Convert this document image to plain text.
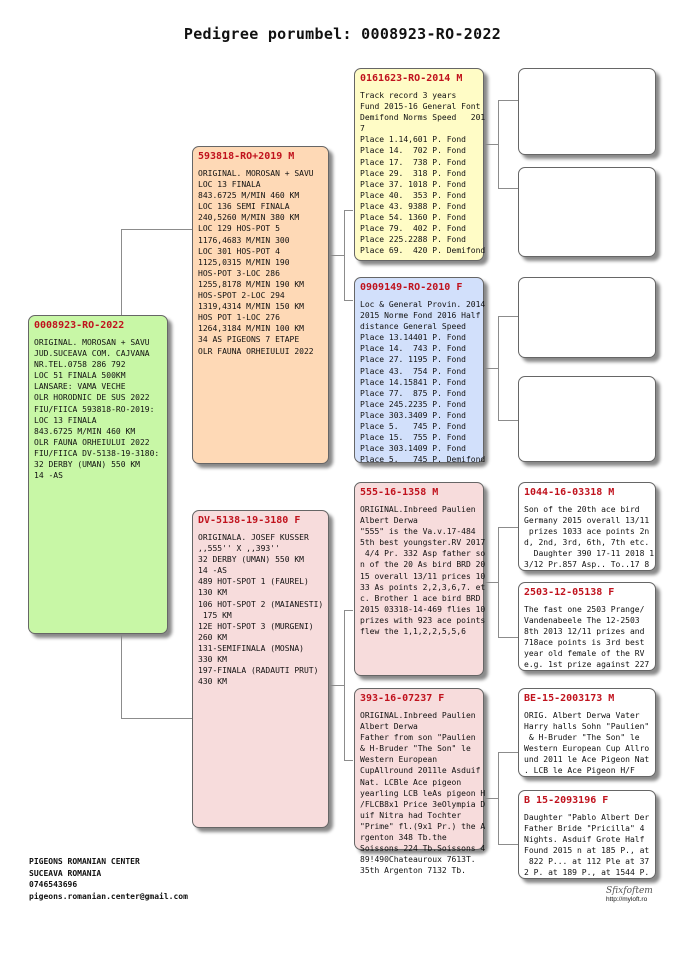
Pedigree porumbel: 0008923-RO-2022
0008923-RO-2022
ORIGINAL. MOROSAN + SAVU
JUD.SUCEAVA COM. CAJVANA
NR.TEL.0758 286 792
LOC 51 FINALA 500KM
LANSARE: VAMA VECHE
OLR HORODNIC DE SUS 2022
FIU/FIICA 593818-RO-2019:
LOC 13 FINALA
843.6725 M/MIN 460 KM
OLR FAUNA ORHEIULUI 2022
FIU/FIICA DV-5138-19-3180:
32 DERBY (UMAN) 550 KM
14 -AS
593818-RO+2019 M
ORIGINAL. MOROSAN + SAVU
LOC 13 FINALA
843.6725 M/MIN 460 KM
LOC 136 SEMI FINALA
240,5260 M/MIN 380 KM
LOC 129 HOS-POT 5
1176,4683 M/MIN 300
LOC 301 HOS-POT 4
1125,0315 M/MIN 190
HOS-POT 3-LOC 286
1255,8178 M/MIN 190 KM
HOS-SPOT 2-LOC 294
1319,4314 M/MIN 150 KM
HOS POT 1-LOC 276
1264,3184 M/MIN 100 KM
34 AS PIGEONS 7 ETAPE
OLR FAUNA ORHEIULUI 2022
DV-5138-19-3180 F
ORIGINALA. JOSEF KUSSER
,,555'' X ,,393''
32 DERBY (UMAN) 550 KM
14 -AS
489 HOT-SPOT 1 (FAUREL)
130 KM
106 HOT-SPOT 2 (MAIANESTI)
175 KM
12E HOT-SPOT 3 (MURGENI)
260 KM
131-SEMIFINALA (MOSNA)
330 KM
197-FINALA (RADAUTI PRUT)
430 KM
0161623-RO-2014 M
Track record 3 years
Fund 2015-16 General Font
Demifond Norms Speed   201
7
Place 1.14,601 P. Fond
Place 14.  702 P. Fond
Place 17.  738 P. Fond
Place 29.  318 P. Fond
Place 37. 1018 P. Fond
Place 40.  353 P. Fond
Place 43. 9388 P. Fond
Place 54. 1360 P. Fond
Place 79.  402 P. Fond
Place 225.2288 P. Fond
Place 69.  420 P. Demifond
0909149-RO-2010 F
Loc & General Provin. 2014
2015 Norme Fond 2016 Half
distance General Speed
Place 13.14401 P. Fond
Place 14.  743 P. Fond
Place 27. 1195 P. Fond
Place 43.  754 P. Fond
Place 14.15841 P. Fond
Place 77.  875 P. Fond
Place 245.2235 P. Fond
Place 303.3409 P. Fond
Place 5.   745 P. Fond
Place 15.  755 P. Fond
Place 303.1409 P. Fond
Place 5.   745 P. Demifond
555-16-1358 M
ORIGINAL.Inbreed Paulien
Albert Derwa
"555" is the Va.v.17-484
5th best youngster.RV 2017
4/4 Pr. 332 Asp father so
n of the 20 As bird BRD 20
15 overall 13/11 prices 10
33 As points 2,2,3,6,7. et
c. Brother 1 ace bird BRD
2015 03318-14-469 flies 10
prizes with 923 ace points
flew the 1,1,2,2,5,5,6
393-16-07237 F
ORIGINAL.Inbreed Paulien
Albert Derwa
Father from son "Paulien
& H-Bruder "The Son" le
Western European
CupAllround 2011le Asduif
Nat. LCBle Ace pigeon
yearling LCB leAs pigeon H
/FLCB8x1 Price 3eOlympia D
uif Nitra had Tochter
"Prime" fl.(9x1 Pr.) the A
rgenton 348 Tb.the
Soissons 224 Tb.Soissons 4
89!490Chateauroux 7613T.
35th Argenton 7132 Tb.
1044-16-03318 M
Son of the 20th ace bird
Germany 2015 overall 13/11
prizes 1033 ace points 2n
d, 2nd, 3rd, 6th, 7th etc.
Daughter 390 17-11 2018 1
3/12 Pr.857 Asp.. To..17 8
2503-12-05138 F
The fast one 2503 Prange/
Vandenabeele The 12-2503
8th 2013 12/11 prizes and
718ace points is 3rd best
year old female of the RV
e.g. 1st prize against 227
BE-15-2003173 M
ORIG. Albert Derwa Vater
Harry halls Sohn "Paulien"
& H-Bruder "The Son" le
Western European Cup Allro
und 2011 le Ace Pigeon Nat
. LCB le Ace Pigeon H/F
B 15-2093196 F
Daughter "Pablo Albert Der
Father Bride "Pricilla" 4
Nights. Asduif Grote Half
Found 2015 n at 185 P., at
822 P... at 112 Ple at 37
2 P. at 189 P., at 1544 P.
PIGEONS ROMANIAN CENTER
SUCEAVA ROMANIA
0746543696
pigeons.romanian.center@gmail.com	Sfixfoftem
http://myloft.ro
